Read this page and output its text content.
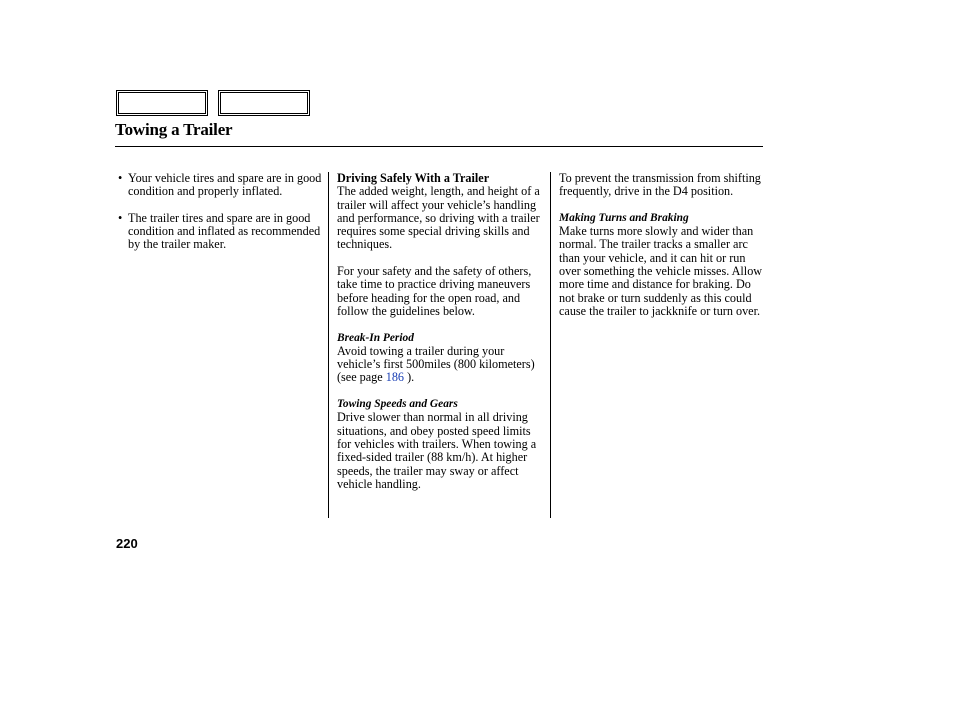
Towing a Trailer
• Your vehicle tires and spare are in good condition and properly inflated.
• The trailer tires and spare are in good condition and inflated as recommended by the trailer maker.

Driving Safely With a Trailer

The added weight, length, and height of a trailer will affect your vehicle’s handling and performance, so driving with a trailer requires some special driving skills and techniques.

For your safety and the safety of others, take time to practice driving maneuvers before heading for the open road, and follow the guidelines below.

Break-In Period

Avoid towing a trailer during your vehicle’s first 500miles (800 kilometers) (see page 186 ).

Towing Speeds and Gears

Drive slower than normal in all driving situations, and obey posted speed limits for vehicles with trailers. When towing a fixed-sided trailer (88 km/h). At higher speeds, the trailer may sway or affect vehicle handling.

To prevent the transmission from shifting frequently, drive in the D4 position.

Making Turns and Braking

Make turns more slowly and wider than normal. The trailer tracks a smaller arc than your vehicle, and it can hit or run over something the vehicle misses. Allow more time and distance for braking. Do not brake or turn suddenly as this could cause the trailer to jackknife or turn over.

220
